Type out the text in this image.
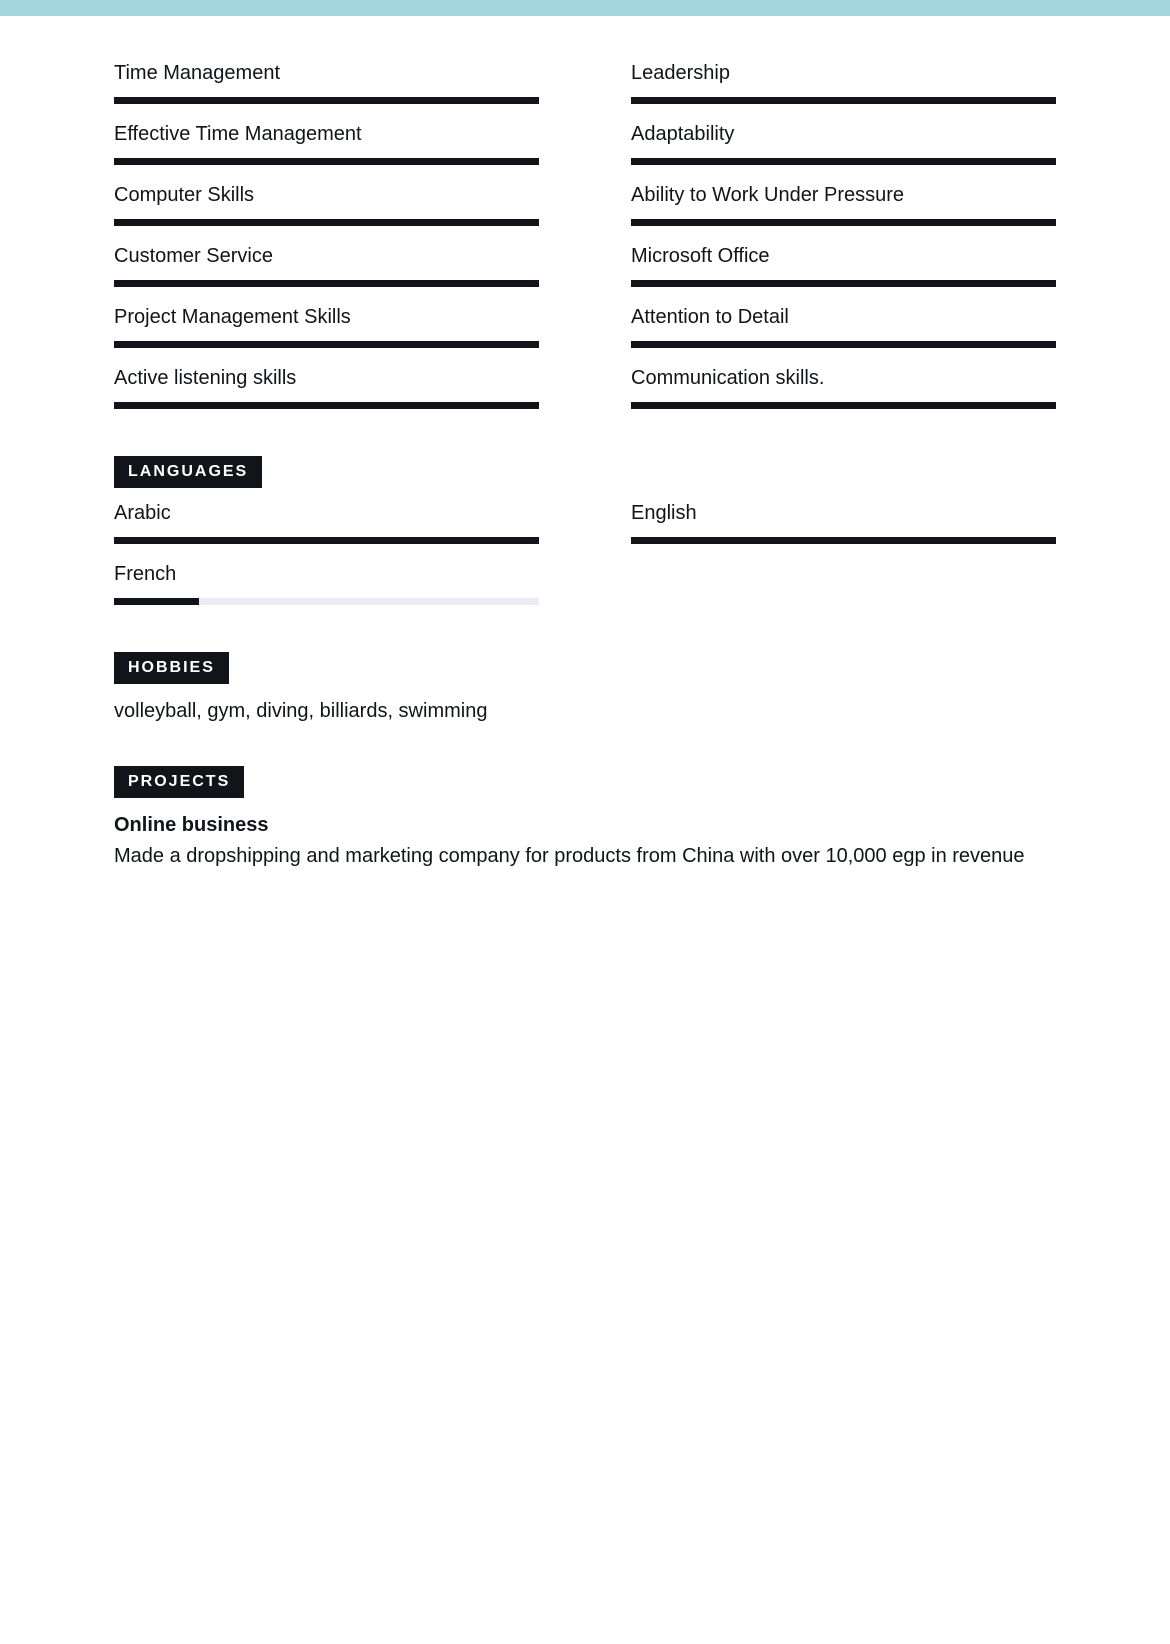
Time Management	Leadership
Effective Time Management	Adaptability
Computer Skills	Ability to Work Under Pressure
Customer Service	Microsoft Office
Project Management Skills	Attention to Detail
Active listening skills	Communication skills.
LANGUAGES
Arabic	English
French
HOBBIES
volleyball, gym, diving, billiards, swimming
PROJECTS
Online business
Made a dropshipping and marketing company for products from China with over 10,000 egp in revenue
